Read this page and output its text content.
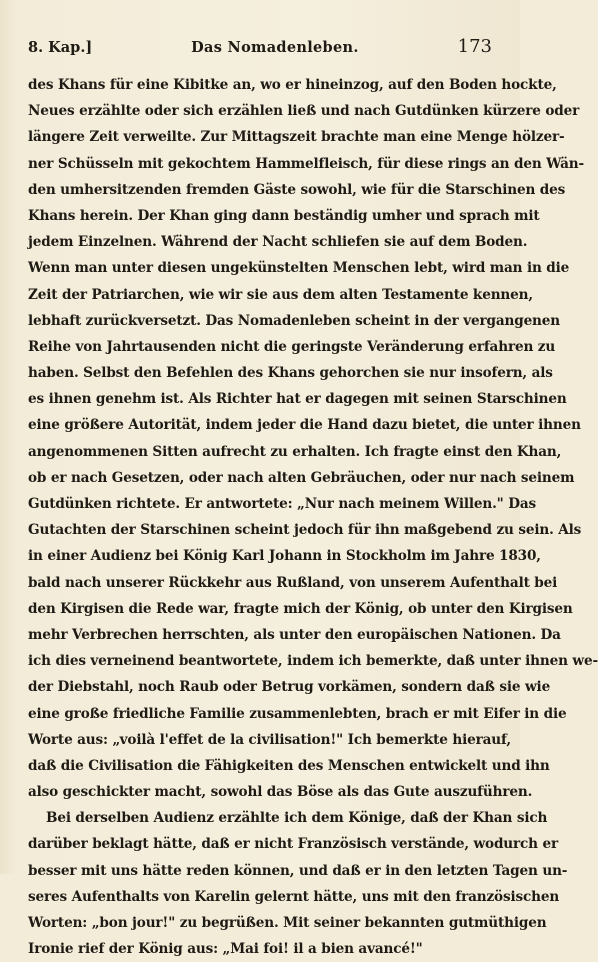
8. Kap.]	Das Nomadenleben.	173
des Khans für eine Kibitke an, wo er hineinzog, auf den Boden hockte,
Neues erzählte oder sich erzählen ließ und nach Gutdünken kürzere oder
längere Zeit verweilte. Zur Mittagszeit brachte man eine Menge hölzer-
ner Schüsseln mit gekochtem Hammelfleisch, für diese rings an den Wän-
den umhersitzenden fremden Gäste sowohl, wie für die Starschinen des
Khans herein. Der Khan ging dann beständig umher und sprach mit
jedem Einzelnen. Während der Nacht schliefen sie auf dem Boden.
Wenn man unter diesen ungekünstelten Menschen lebt, wird man in die
Zeit der Patriarchen, wie wir sie aus dem alten Testamente kennen,
lebhaft zurückversetzt. Das Nomadenleben scheint in der vergangenen
Reihe von Jahrtausenden nicht die geringste Veränderung erfahren zu
haben. Selbst den Befehlen des Khans gehorchen sie nur insofern, als
es ihnen genehm ist. Als Richter hat er dagegen mit seinen Starschinen
eine größere Autorität, indem jeder die Hand dazu bietet, die unter ihnen
angenommenen Sitten aufrecht zu erhalten. Ich fragte einst den Khan,
ob er nach Gesetzen, oder nach alten Gebräuchen, oder nur nach seinem
Gutdünken richtete. Er antwortete: „Nur nach meinem Willen." Das
Gutachten der Starschinen scheint jedoch für ihn maßgebend zu sein. Als
in einer Audienz bei König Karl Johann in Stockholm im Jahre 1830,
bald nach unserer Rückkehr aus Rußland, von unserem Aufenthalt bei
den Kirgisen die Rede war, fragte mich der König, ob unter den Kirgisen
mehr Verbrechen herrschten, als unter den europäischen Nationen. Da
ich dies verneinend beantwortete, indem ich bemerkte, daß unter ihnen we-
der Diebstahl, noch Raub oder Betrug vorkämen, sondern daß sie wie
eine große friedliche Familie zusammenlebten, brach er mit Eifer in die
Worte aus: „voilà l'effet de la civilisation!" Ich bemerkte hierauf,
daß die Civilisation die Fähigkeiten des Menschen entwickelt und ihn
also geschickter macht, sowohl das Böse als das Gute auszuführen.
Bei derselben Audienz erzählte ich dem Könige, daß der Khan sich
darüber beklagt hätte, daß er nicht Französisch verstände, wodurch er
besser mit uns hätte reden können, und daß er in den letzten Tagen un-
seres Aufenthalts von Karelin gelernt hätte, uns mit den französischen
Worten: „bon jour!" zu begrüßen. Mit seiner bekannten gutmüthigen
Ironie rief der König aus: „Mai foi! il a bien avancé!"
